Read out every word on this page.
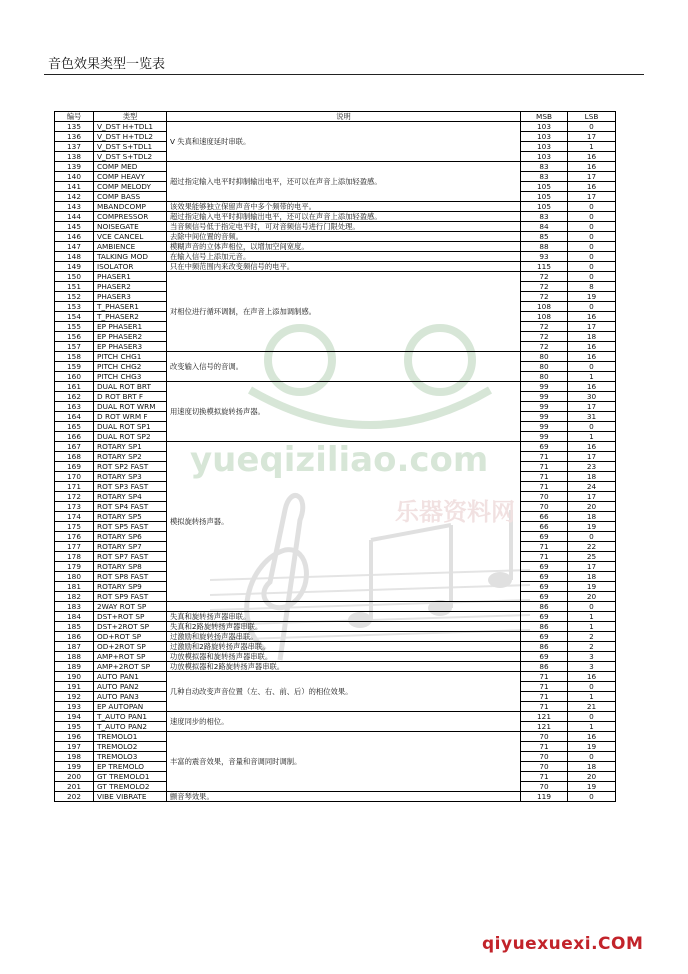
音色效果类型一览表
yueqiziliao.com
乐器资料网
编号	类型	说明	MSB	LSB
135	V_DST H+TDL1	V 失真和速度延时串联。	103	0
136	V_DST H+TDL2		103	17
137	V_DST S+TDL1		103	1
138	V_DST S+TDL2		103	16
139	COMP MED	超过指定输入电平时抑制输出电平，还可以在声音上添加轻盈感。	83	16
140	COMP HEAVY		83	17
141	COMP MELODY		105	16
142	COMP BASS		105	17
143	MBANDCOMP	该效果能够独立保留声音中多个频带的电平。	105	0
144	COMPRESSOR	超过指定输入电平时抑制输出电平，还可以在声音上添加轻盈感。	83	0
145	NOISEGATE	当音频信号低于指定电平时，可对音频信号进行门限处理。	84	0
146	VCE CANCEL	去除中间位置的音频。	85	0
147	AMBIENCE	模糊声音的立体声相位，以增加空间宽度。	88	0
148	TALKING MOD	在输入信号上添加元音。	93	0
149	ISOLATOR	只在中频范围内来改变频信号的电平。	115	0
150	PHASER1	对相位进行循环调制，在声音上添加调制感。	72	0
151	PHASER2		72	8
152	PHASER3		72	19
153	T_PHASER1		108	0
154	T_PHASER2		108	16
155	EP PHASER1		72	17
156	EP PHASER2		72	18
157	EP PHASER3		72	16
158	PITCH CHG1	改变输入信号的音调。	80	16
159	PITCH CHG2		80	0
160	PITCH CHG3		80	1
161	DUAL ROT BRT	用速度切换模拟旋转扬声器。	99	16
162	D ROT BRT F		99	30
163	DUAL ROT WRM		99	17
164	D ROT WRM F		99	31
165	DUAL ROT SP1		99	0
166	DUAL ROT SP2		99	1
167	ROTARY SP1	模拟旋转扬声器。	69	16
168	ROTARY SP2		71	17
169	ROT SP2 FAST		71	23
170	ROTARY SP3		71	18
171	ROT SP3 FAST		71	24
172	ROTARY SP4		70	17
173	ROT SP4 FAST		70	20
174	ROTARY SP5		66	18
175	ROT SP5 FAST		66	19
176	ROTARY SP6		69	0
177	ROTARY SP7		71	22
178	ROT SP7 FAST		71	25
179	ROTARY SP8		69	17
180	ROT SP8 FAST		69	18
181	ROTARY SP9		69	19
182	ROT SP9 FAST		69	20
183	2WAY ROT SP		86	0
184	DST+ROT SP	失真和旋转扬声器串联。	69	1
185	DST+2ROT SP	失真和2路旋转扬声器串联。	86	1
186	OD+ROT SP	过激励和旋转扬声器串联。	69	2
187	OD+2ROT SP	过激励和2路旋转扬声器串联。	86	2
188	AMP+ROT SP	功放模拟器和旋转扬声器串联。	69	3
189	AMP+2ROT SP	功放模拟器和2路旋转扬声器串联。	86	3
190	AUTO PAN1	几种自动改变声音位置（左、右、前、后）的相位效果。	71	16
191	AUTO PAN2		71	0
192	AUTO PAN3		71	1
193	EP AUTOPAN		71	21
194	T_AUTO PAN1	速度同步的相位。	121	0
195	T_AUTO PAN2		121	1
196	TREMOLO1	丰富的震音效果，音量和音调同时调制。	70	16
197	TREMOLO2		71	19
198	TREMOLO3		70	0
199	EP TREMOLO		70	18
200	GT TREMOLO1		71	20
201	GT TREMOLO2		70	19
202	VIBE VIBRATE	颤音琴效果。	119	0
qiyuexuexi.COM
